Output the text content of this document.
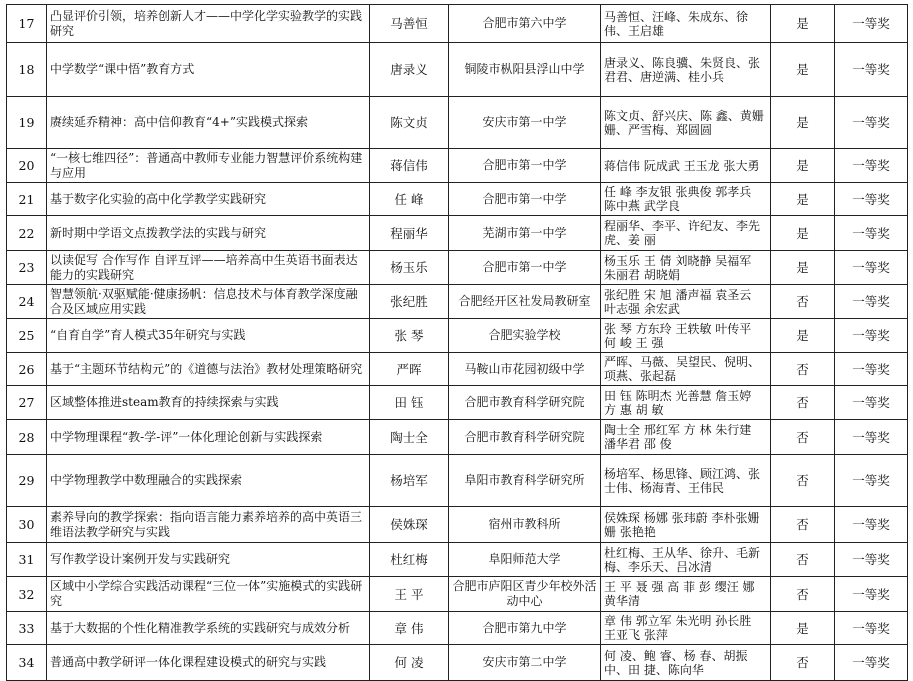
17	凸显评价引领，培养创新人才——中学化学实验教学的实践研究	马善恒	合肥市第六中学	马善恒、汪峰、朱成东、徐伟、王启雄	是	一等奖
18	中学数学“课中悟”教育方式	唐录义	铜陵市枞阳县浮山中学	唐录义、陈良骥、朱贤良、张君君、唐逆满、桂小兵	是	一等奖
19	赓续延乔精神：高中信仰教育“4+”实践模式探索	陈文贞	安庆市第一中学	陈文贞、舒兴庆、陈 鑫、黄姗姗、严雪梅、郑圆圆	是	一等奖
20	“一核七维四径”：普通高中教师专业能力智慧评价系统构建与应用	蒋信伟	合肥市第一中学	蒋信伟 阮成武 王玉龙 张大勇	是	一等奖
21	基于数字化实验的高中化学教学实践研究	任 峰	合肥市第一中学	任 峰 李友银 张典俊 郭孝兵 陈中燕 武学良	是	一等奖
22	新时期中学语文点拨教学法的实践与研究	程丽华	芜湖市第一中学	程丽华、李平、许纪友、李先虎、姜 丽	是	一等奖
23	以读促写 合作写作 自评互评——培养高中生英语书面表达能力的实践研究	杨玉乐	合肥市第一中学	杨玉乐 王 倩 刘晓静 吴福军 朱丽君 胡晓娟	是	一等奖
24	智慧领航·双驱赋能·健康扬帆：信息技术与体育教学深度融合及区域应用实践	张纪胜	合肥经开区社发局教研室	张纪胜 宋 旭 潘声福 袁圣云 叶志强 余宏武	否	一等奖
25	“自育自学”育人模式35年研究与实践	张 琴	合肥实验学校	张 琴 方东玲 王轶敏 叶传平 何 峻 王 强	是	一等奖
26	基于“主题环节结构元”的《道德与法治》教材处理策略研究	严晖	马鞍山市花园初级中学	严晖、马薇、吴望民、倪明、项燕、张起磊	否	一等奖
27	区域整体推进steam教育的持续探索与实践	田 钰	合肥市教育科学研究院	田 钰 陈明杰 光善慧 詹玉婷 方 惠 胡 敏	否	一等奖
28	中学物理课程“教-学-评”一体化理论创新与实践探索	陶士全	合肥市教育科学研究院	陶士全 邢红军 方 林 朱行建 潘华君 邵 俊	否	一等奖
29	中学物理教学中数理融合的实践探索	杨培军	阜阳市教育科学研究所	杨培军、杨思锋、顾江鸿、张士伟、杨海青、王伟民	否	一等奖
30	素养导向的教学探索：指向语言能力素养培养的高中英语三维语法教学研究与实践	侯姝琛	宿州市教科所	侯姝琛 杨娜 张玮蔚 李朴张姗姗 张艳艳	否	一等奖
31	写作教学设计案例开发与实践研究	杜红梅	阜阳师范大学	杜红梅、王从华、徐升、毛新梅、李乐天、吕冰清	否	一等奖
32	区域中小学综合实践活动课程“三位一体”实施模式的实践研究	王 平	合肥市庐阳区青少年校外活动中心	王 平 聂 强 高 菲 彭 缨汪 娜 黄华清	否	一等奖
33	基于大数据的个性化精准教学系统的实践研究与成效分析	章 伟	合肥市第九中学	章 伟 郭立军 朱光明 孙长胜 王亚飞 张萍	是	一等奖
34	普通高中教学研评一体化课程建设模式的研究与实践	何 凌	安庆市第二中学	何 凌、鲍 睿、杨 春、胡振中、田 捷、陈向华	否	一等奖
